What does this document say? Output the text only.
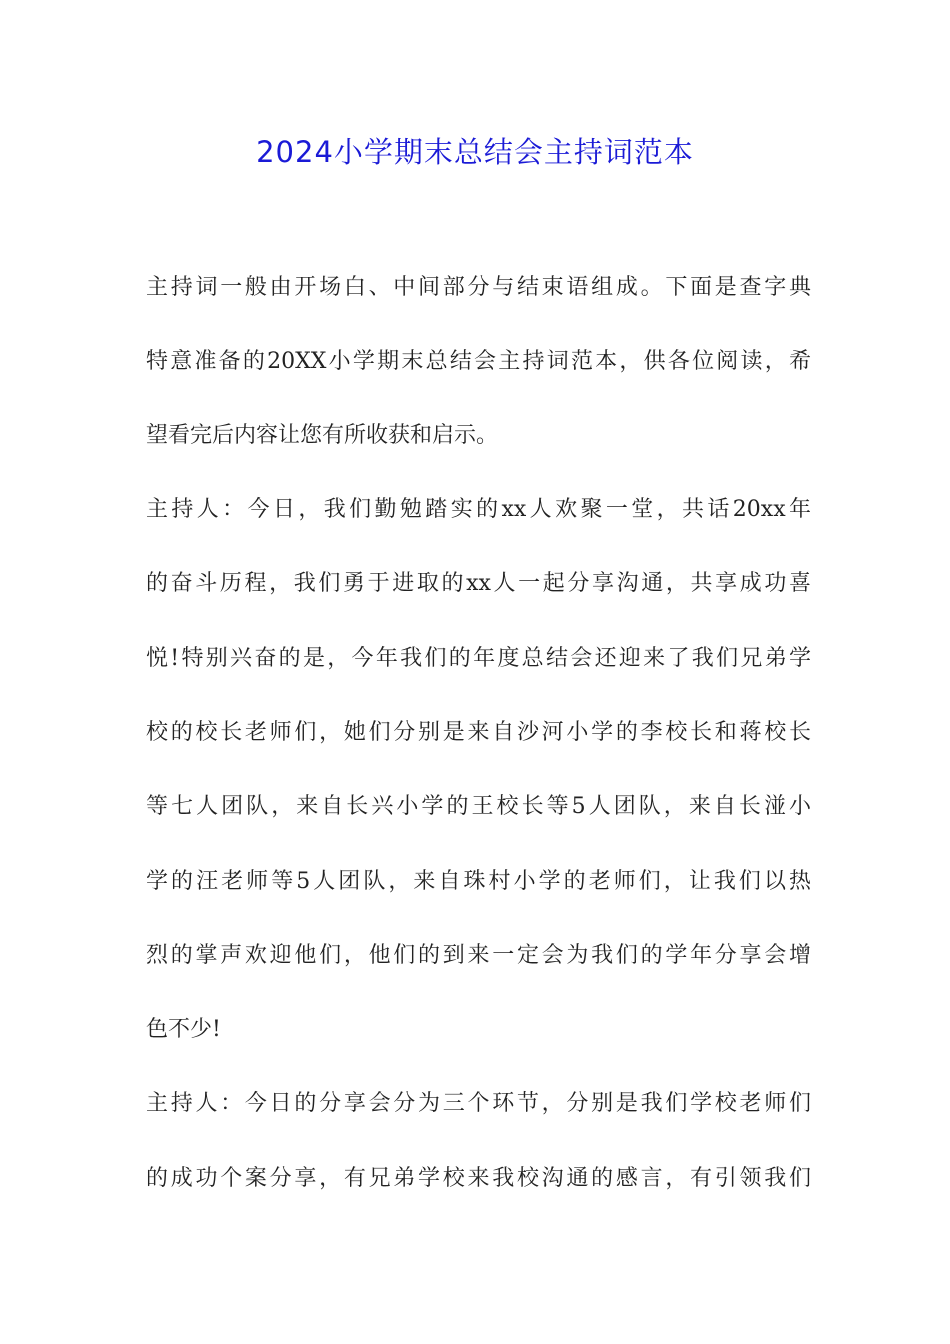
2024小学期末总结会主持词范本
主持词一般由开场白、中间部分与结束语组成。下面是查字典
特意准备的20XX小学期末总结会主持词范本，供各位阅读，希
望看完后内容让您有所收获和启示。
主持人：今日，我们勤勉踏实的xx人欢聚一堂，共话20xx年
的奋斗历程，我们勇于进取的xx人一起分享沟通，共享成功喜
悦!特别兴奋的是，今年我们的年度总结会还迎来了我们兄弟学
校的校长老师们，她们分别是来自沙河小学的李校长和蒋校长
等七人团队，来自长兴小学的王校长等5人团队，来自长湴小
学的汪老师等5人团队，来自珠村小学的老师们，让我们以热
烈的掌声欢迎他们，他们的到来一定会为我们的学年分享会增
色不少!
主持人：今日的分享会分为三个环节，分别是我们学校老师们
的成功个案分享，有兄弟学校来我校沟通的感言，有引领我们
